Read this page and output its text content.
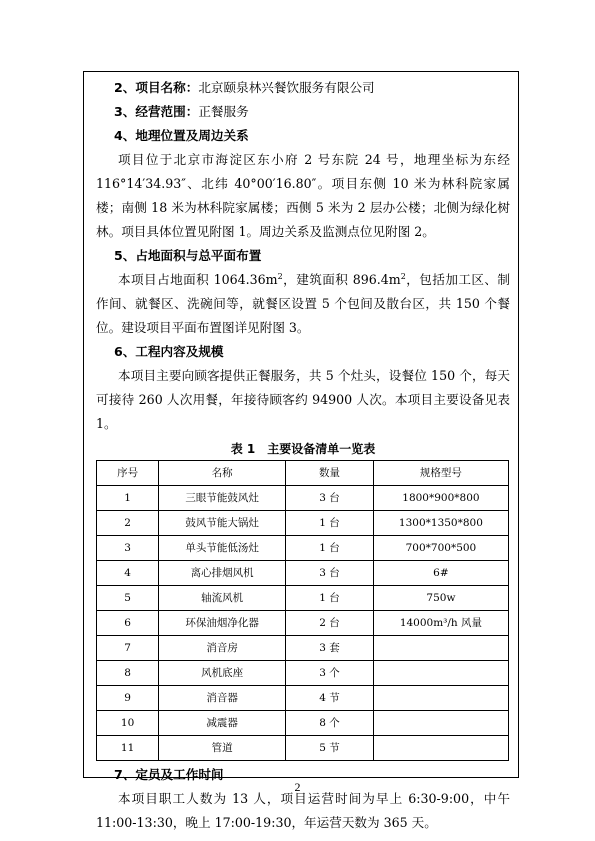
2、项目名称：北京颐泉林兴餐饮服务有限公司

3、经营范围：正餐服务

4、地理位置及周边关系

项目位于北京市海淀区东小府 2 号东院 24 号，地理坐标为东经116°14′34.93″、北纬 40°00′16.80″。项目东侧 10 米为林科院家属楼；南侧 18 米为林科院家属楼；西侧 5 米为 2 层办公楼；北侧为绿化树林。项目具体位置见附图 1。周边关系及监测点位见附图 2。

5、占地面积与总平面布置

本项目占地面积 $1064.36m^2$，建筑面积 $896.4m^2$，包括加工区、制作间、就餐区、洗碗间等，就餐区设置 5 个包间及散台区，共 150 个餐位。建设项目平面布置图详见附图 3。

6、工程内容及规模

本项目主要向顾客提供正餐服务，共 5 个灶头，设餐位 150 个，每天可接待 260 人次用餐，年接待顾客约 94900 人次。本项目主要设备见表 1。

表 1　主要设备清单一览表
序号	名称	数量	规格型号
1	三眼节能鼓风灶	3 台	1800*900*800
2	鼓风节能大锅灶	1 台	1300*1350*800
3	单头节能低汤灶	1 台	700*700*500
4	离心排烟风机	3 台	6#
5	轴流风机	1 台	750w
6	环保油烟净化器	2 台	14000m³/h 风量
7	消音房	3 套	
8	风机底座	3 个	
9	消音器	4 节	
10	减震器	8 个	
11	管道	5 节	

7、定员及工作时间

本项目职工人数为 13 人，项目运营时间为早上 6:30-9:00，中午 11:00-13:30，晚上 17:00-19:30，年运营天数为 365 天。

2
